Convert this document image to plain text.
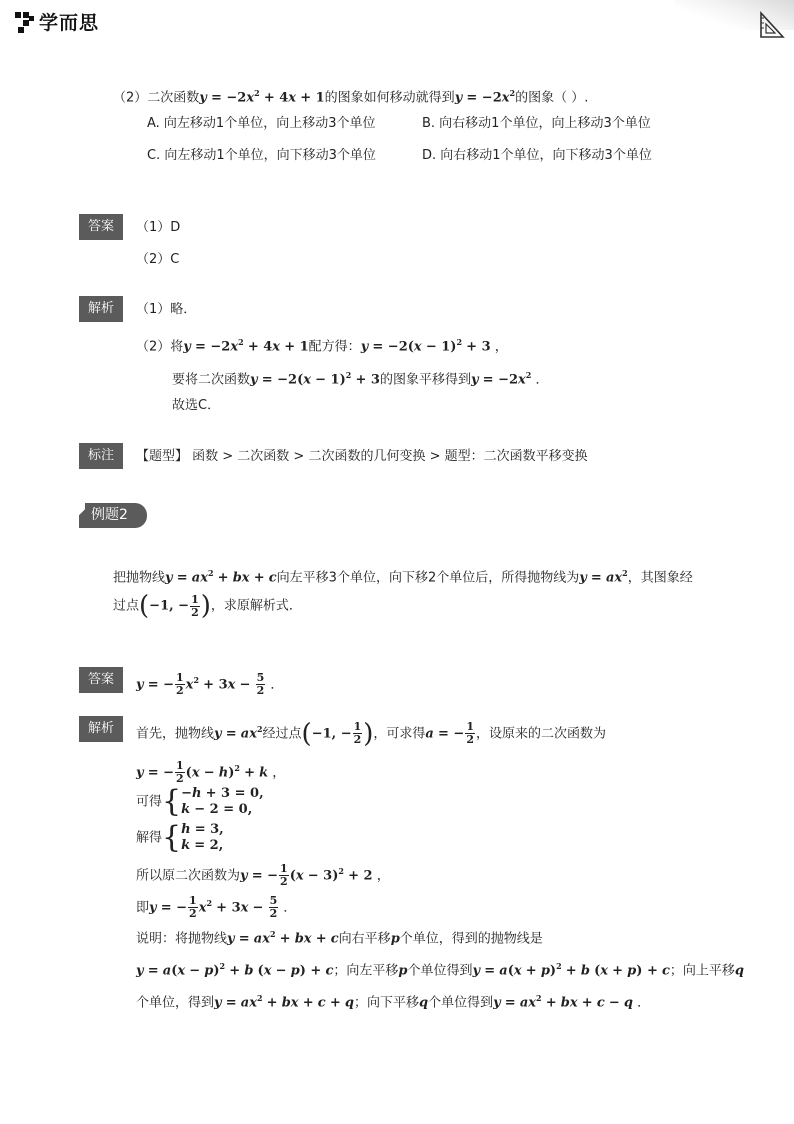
学而思
（2）二次函数$y = -2x^2 + 4x + 1$的图象如何移动就得到$y = -2x^2$的图象（ ）.
A. 向左移动1个单位，向上移动3个单位	B. 向右移动1个单位，向上移动3个单位
C. 向左移动1个单位，向下移动3个单位	D. 向右移动1个单位，向下移动3个单位
答案	（1）D
（2）C
解析	（1）略．
（2）将$y = -2x^2 + 4x + 1$配方得：$y = -2(x - 1)^2 + 3$ ，
要将二次函数$y = -2(x - 1)^2 + 3$的图象平移得到$y = -2x^2$ ．
故选C．
标注	【题型】 函数 > 二次函数 > 二次函数的几何变换 > 题型：二次函数平移变换
例题2
把抛物线$y = ax^2$ + bx + c向左平移3个单位，向下移2个单位后，所得抛物线为$y = ax^2$，其图象经
过点(−1, − $\frac{1}{2}$ )，求原解析式．
答案	y = − $\frac{1}{2} x^2 + 3x - \frac{5}{2}$ ．
解析	首先，抛物线$y = ax^2$经过点(−1, − $\frac{1}{2}$ )，可求得a = − $\frac{1}{2}$ ，设原来的二次函数为
y = − $\frac{1}{2} (x - h)^2 + k$ ，
可得{−h + 3 = 0,
k − 2 = 0,
解得{h = 3,
k = 2,
所以原二次函数为y = − $\frac{1}{2} (x - 3)^2 + 2$ ，
即y = − $\frac{1}{2} x^2 + 3x - \frac{5}{2}$ ．
说明：将抛物线$y = ax^2$ + bx + c向右平移p个单位，得到的抛物线是
$y = a(x - p)^2 + b$ (x − p) + c；向左平移p个单位得到$y = a(x + p)^2 + b$ (x + p) + c；向上平移q
个单位，得到$y = ax^2$ + bx + c + q；向下平移q个单位得到$y = ax^2$ + bx + c − q ．
